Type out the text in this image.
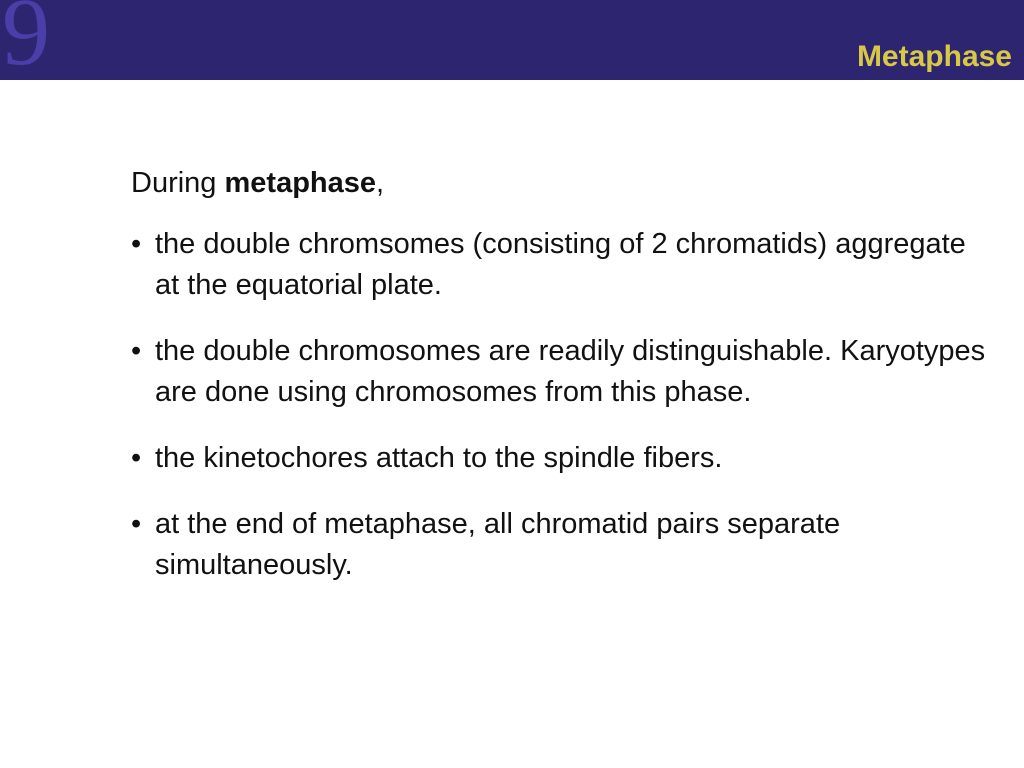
9	Metaphase

During metaphase,

• the double chromsomes (consisting of 2 chromatids) aggregate at the equatorial plate.
• the double chromosomes are readily distinguishable. Karyotypes are done using chromosomes from this phase.
• the kinetochores attach to the spindle fibers.
• at the end of metaphase, all chromatid pairs separate simultaneously.
